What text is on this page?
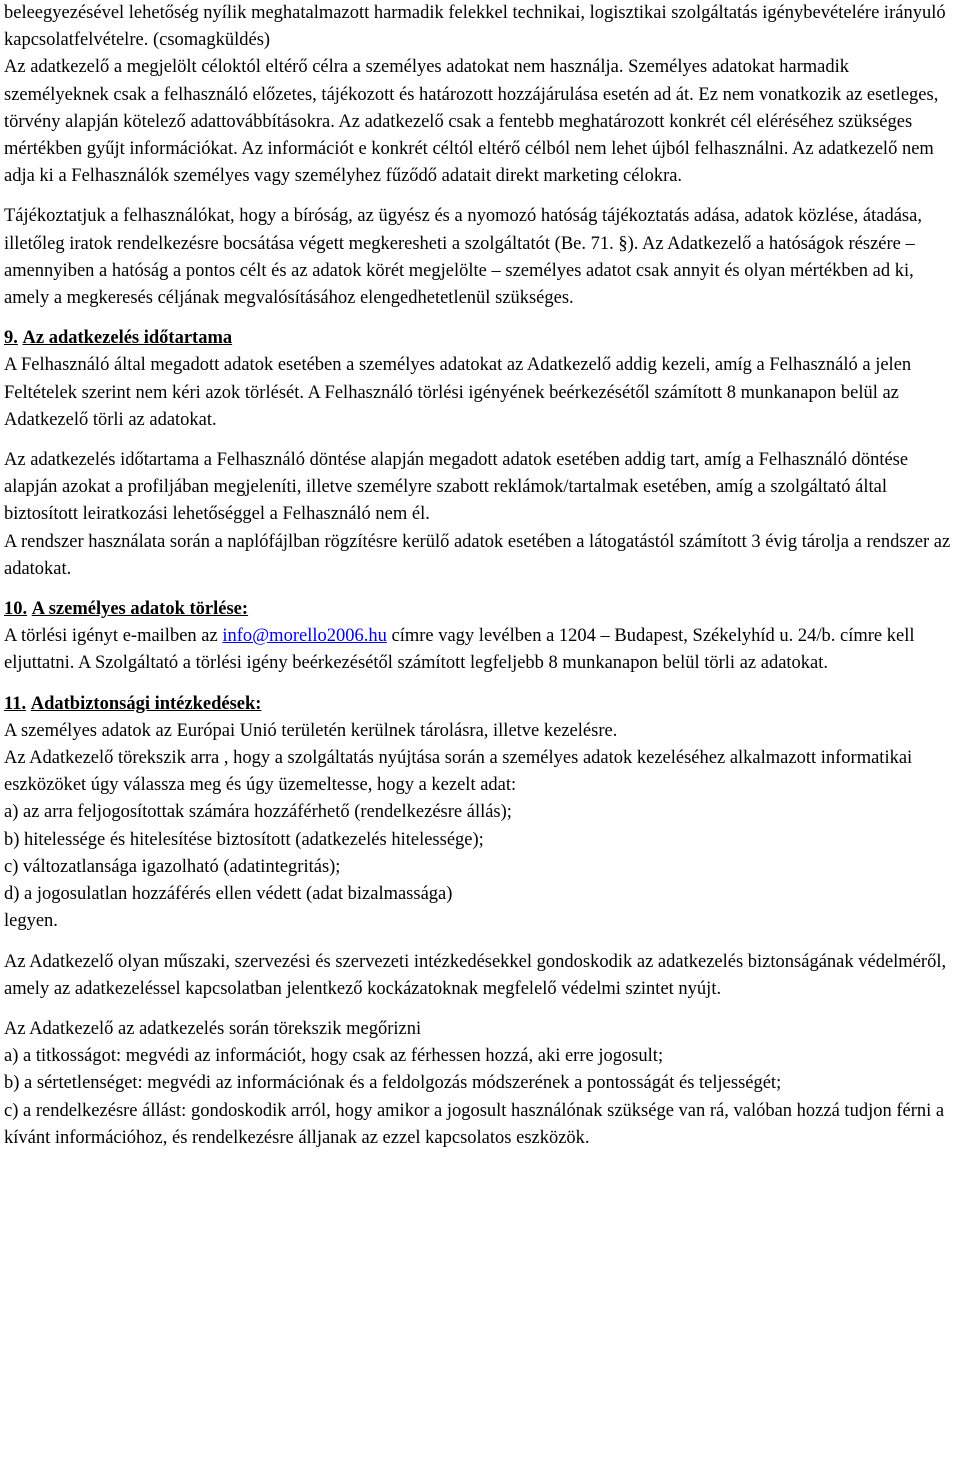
beleegyezésével lehetőség nyílik meghatalmazott harmadik felekkel technikai, logisztikai szolgáltatás igénybevételére irányuló kapcsolatfelvételre. (csomagküldés)

Az adatkezelő a megjelölt céloktól eltérő célra a személyes adatokat nem használja. Személyes adatokat harmadik személyeknek csak a felhasználó előzetes, tájékozott és határozott hozzájárulása esetén ad át. Ez nem vonatkozik az esetleges, törvény alapján kötelező adattovábbításokra. Az adatkezelő csak a fentebb meghatározott konkrét cél eléréséhez szükséges mértékben gyűjt információkat. Az információt e konkrét céltól eltérő célból nem lehet újból felhasználni. Az adatkezelő nem adja ki a Felhasználók személyes vagy személyhez fűződő adatait direkt marketing célokra.

Tájékoztatjuk a felhasználókat, hogy a bíróság, az ügyész és a nyomozó hatóság tájékoztatás adása, adatok közlése, átadása, illetőleg iratok rendelkezésre bocsátása végett megkeresheti a szolgáltatót (Be. 71. §). Az Adatkezelő a hatóságok részére – amennyiben a hatóság a pontos célt és az adatok körét megjelölte – személyes adatot csak annyit és olyan mértékben ad ki, amely a megkeresés céljának megvalósításához elengedhetetlenül szükséges.

9. Az adatkezelés időtartama

A Felhasználó által megadott adatok esetében a személyes adatokat az Adatkezelő addig kezeli, amíg a Felhasználó a jelen Feltételek szerint nem kéri azok törlését. A Felhasználó törlési igényének beérkezésétől számított 8 munkanapon belül az Adatkezelő törli az adatokat.

Az adatkezelés időtartama a Felhasználó döntése alapján megadott adatok esetében addig tart, amíg a Felhasználó döntése alapján azokat a profiljában megjeleníti, illetve személyre szabott reklámok/tartalmak esetében, amíg a szolgáltató által biztosított leiratkozási lehetőséggel a Felhasználó nem él.

A rendszer használata során a naplófájlban rögzítésre kerülő adatok esetében a látogatástól számított 3 évig tárolja a rendszer az adatokat.

10. A személyes adatok törlése:

A törlési igényt e-mailben az info@morello2006.hu címre vagy levélben a 1204 – Budapest, Székelyhíd u. 24/b. címre kell eljuttatni. A Szolgáltató a törlési igény beérkezésétől számított legfeljebb 8 munkanapon belül törli az adatokat.

11. Adatbiztonsági intézkedések:

A személyes adatok az Európai Unió területén kerülnek tárolásra, illetve kezelésre.

Az Adatkezelő törekszik arra , hogy a szolgáltatás nyújtása során a személyes adatok kezeléséhez alkalmazott informatikai eszközöket úgy válassza meg és úgy üzemeltesse, hogy a kezelt adat:

a) az arra feljogosítottak számára hozzáférhető (rendelkezésre állás);

b) hitelessége és hitelesítése biztosított (adatkezelés hitelessége);

c) változatlansága igazolható (adatintegritás);

d) a jogosulatlan hozzáférés ellen védett (adat bizalmassága)

legyen.

Az Adatkezelő olyan műszaki, szervezési és szervezeti intézkedésekkel gondoskodik az adatkezelés biztonságának védelméről, amely az adatkezeléssel kapcsolatban jelentkező kockázatoknak megfelelő védelmi szintet nyújt.

Az Adatkezelő az adatkezelés során törekszik megőrizni

a) a titkosságot: megvédi az információt, hogy csak az férhessen hozzá, aki erre jogosult;

b) a sértetlenséget: megvédi az információnak és a feldolgozás módszerének a pontosságát és teljességét;

c) a rendelkezésre állást: gondoskodik arról, hogy amikor a jogosult használónak szüksége van rá, valóban hozzá tudjon férni a kívánt információhoz, és rendelkezésre álljanak az ezzel kapcsolatos eszközök.
